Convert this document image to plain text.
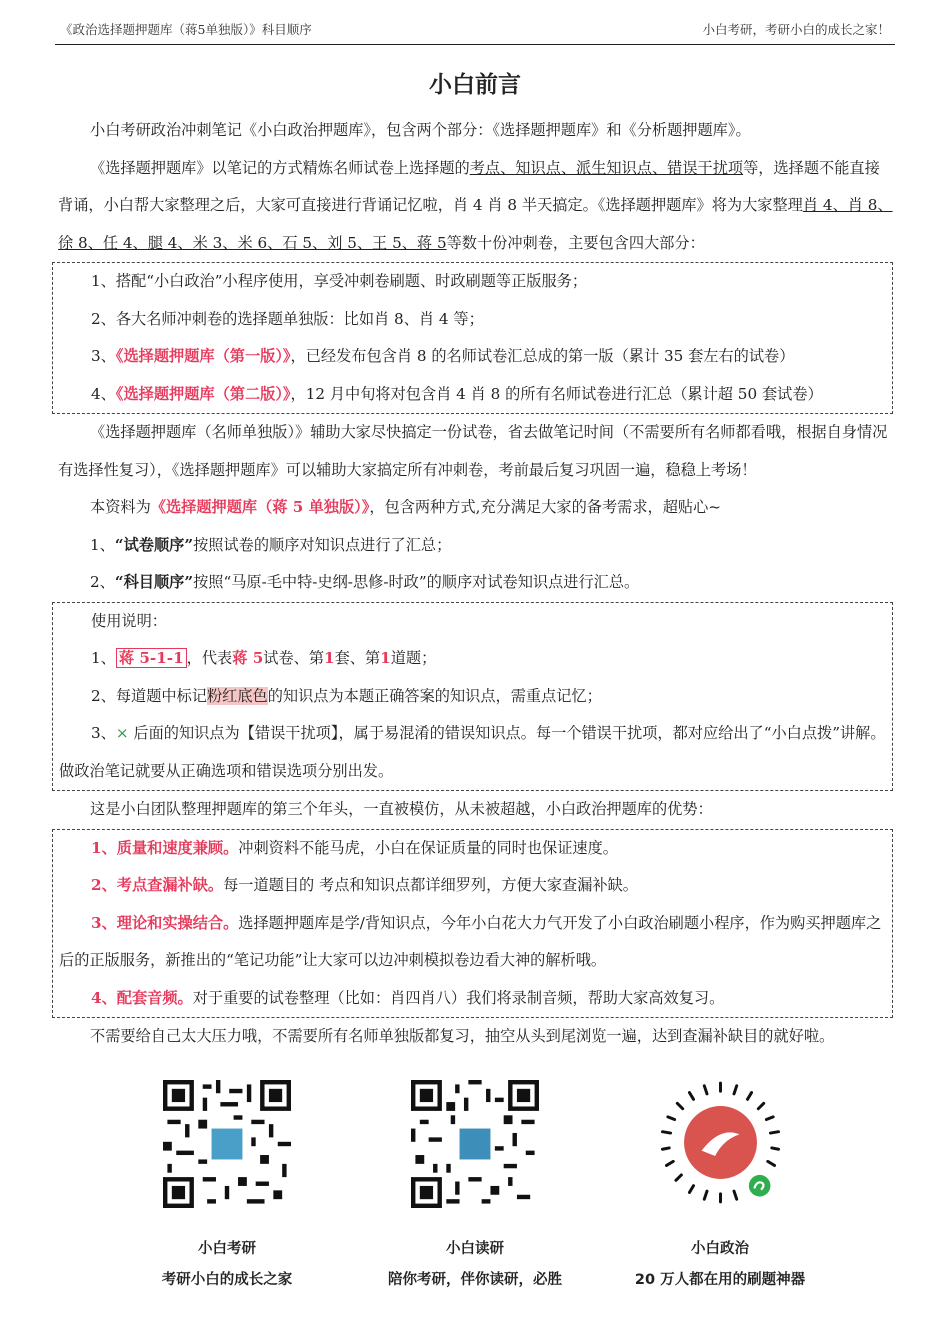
《政治选择题押题库（蒋5单独版）》科目顺序	小白考研，考研小白的成长之家！
小白前言

小白考研政治冲刺笔记《小白政治押题库》，包含两个部分：《选择题押题库》和《分析题押题库》。

《选择题押题库》以笔记的方式精炼名师试卷上选择题的考点、知识点、派生知识点、错误干扰项等，选择题不能直接背诵，小白帮大家整理之后，大家可直接进行背诵记忆啦，肖 4 肖 8 半天搞定。《选择题押题库》将为大家整理肖 4、肖 8、徐 8、任 4、腿 4、米 3、米 6、石 5、刘 5、王 5、蒋 5等数十份冲刺卷，主要包含四大部分：

1、搭配“小白政治”小程序使用，享受冲刺卷刷题、时政刷题等正版服务；

2、各大名师冲刺卷的选择题单独版：比如肖 8、肖 4 等；

3、《选择题押题库（第一版）》，已经发布包含肖 8 的名师试卷汇总成的第一版（累计 35 套左右的试卷）

4、《选择题押题库（第二版）》，12 月中旬将对包含肖 4 肖 8 的所有名师试卷进行汇总（累计超 50 套试卷）

《选择题押题库（名师单独版）》辅助大家尽快搞定一份试卷，省去做笔记时间（不需要所有名师都看哦，根据自身情况有选择性复习），《选择题押题库》可以辅助大家搞定所有冲刺卷，考前最后复习巩固一遍，稳稳上考场！

本资料为《选择题押题库（蒋 5 单独版）》，包含两种方式,充分满足大家的备考需求，超贴心~

1、“试卷顺序”按照试卷的顺序对知识点进行了汇总；

2、“科目顺序”按照“马原-毛中特-史纲-思修-时政”的顺序对试卷知识点进行汇总。

使用说明：

1、 蒋 5-1-1 ，代表蒋 5试卷、第1套、第1道题；

2、每道题中标记粉红底色的知识点为本题正确答案的知识点，需重点记忆；

3、× 后面的知识点为【错误干扰项】，属于易混淆的错误知识点。每一个错误干扰项，都对应给出了“小白点拨”讲解。做政治笔记就要从正确选项和错误选项分别出发。

这是小白团队整理押题库的第三个年头，一直被模仿，从未被超越，小白政治押题库的优势：

1、质量和速度兼顾。冲刺资料不能马虎，小白在保证质量的同时也保证速度。

2、考点查漏补缺。每一道题目的 考点和知识点都详细罗列，方便大家查漏补缺。

3、理论和实操结合。选择题押题库是学/背知识点，今年小白花大力气开发了小白政治刷题小程序，作为购买押题库之后的正版服务，新推出的“笔记功能”让大家可以边冲刺模拟卷边看大神的解析哦。

4、配套音频。对于重要的试卷整理（比如：肖四肖八）我们将录制音频，帮助大家高效复习。

不需要给自己太大压力哦，不需要所有名师单独版都复习，抽空从头到尾浏览一遍，达到查漏补缺目的就好啦。

小白考研
考研小白的成长之家
小白读研
陪你考研，伴你读研，必胜
小白政治
20 万人都在用的刷题神器
